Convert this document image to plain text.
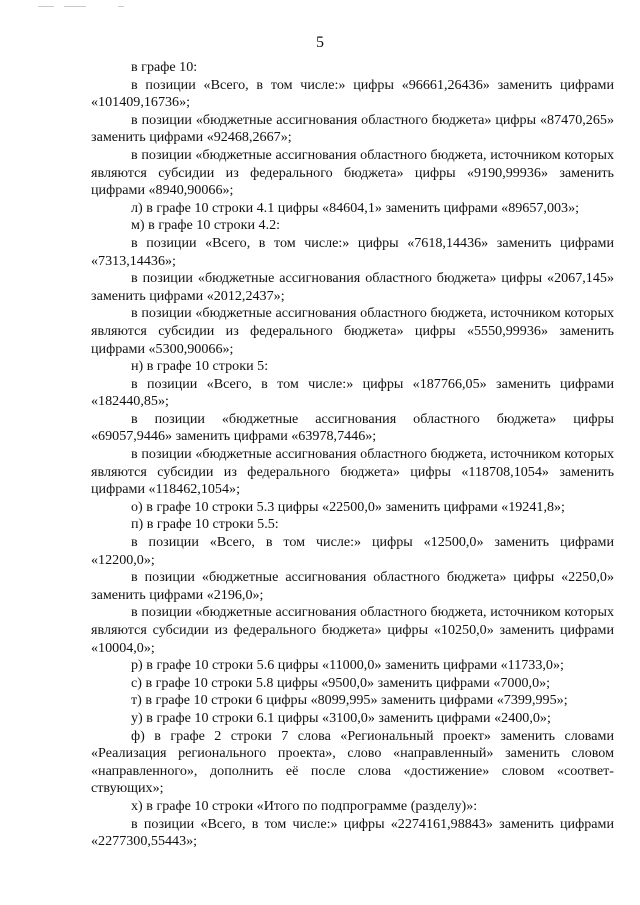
5

в графе 10:

в позиции «Всего, в том числе:» цифры «96661,26436» заменить цифрами «101409,16736»;

в позиции «бюджетные ассигнования областного бюджета» цифры «87470,265» заменить цифрами «92468,2667»;

в позиции «бюджетные ассигнования областного бюджета, источником которых являются субсидии из федерального бюджета» цифры «9190,99936» заменить цифрами «8940,90066»;

л) в графе 10 строки 4.1 цифры «84604,1» заменить цифрами «89657,003»;

м) в графе 10 строки 4.2:

в позиции «Всего, в том числе:» цифры «7618,14436» заменить цифрами «7313,14436»;

в позиции «бюджетные ассигнования областного бюджета» цифры «2067,145» заменить цифрами «2012,2437»;

в позиции «бюджетные ассигнования областного бюджета, источником которых являются субсидии из федерального бюджета» цифры «5550,99936» заменить цифрами «5300,90066»;

н) в графе 10 строки 5:

в позиции «Всего, в том числе:» цифры «187766,05» заменить цифрами «182440,85»;

в позиции «бюджетные ассигнования областного бюджета» цифры «69057,9446» заменить цифрами «63978,7446»;

в позиции «бюджетные ассигнования областного бюджета, источником которых являются субсидии из федерального бюджета» цифры «118708,1054» заменить цифрами «118462,1054»;

о) в графе 10 строки 5.3 цифры «22500,0» заменить цифрами «19241,8»;

п) в графе 10 строки 5.5:

в позиции «Всего, в том числе:» цифры «12500,0» заменить цифрами «12200,0»;

в позиции «бюджетные ассигнования областного бюджета» цифры «2250,0» заменить цифрами «2196,0»;

в позиции «бюджетные ассигнования областного бюджета, источником которых являются субсидии из федерального бюджета» цифры «10250,0» заменить цифрами «10004,0»;

р) в графе 10 строки 5.6 цифры «11000,0» заменить цифрами «11733,0»;

с) в графе 10 строки 5.8 цифры «9500,0» заменить цифрами «7000,0»;

т) в графе 10 строки 6 цифры «8099,995» заменить цифрами «7399,995»;

у) в графе 10 строки 6.1 цифры «3100,0» заменить цифрами «2400,0»;

ф) в графе 2 строки 7 слова «Региональный проект» заменить словами «Реализация регионального проекта», слово «направленный» заменить словом «направленного», дополнить её после слова «достижение» словом «соответ-ствующих»;

х) в графе 10 строки «Итого по подпрограмме (разделу)»:

в позиции «Всего, в том числе:» цифры «2274161,98843» заменить цифрами «2277300,55443»;
